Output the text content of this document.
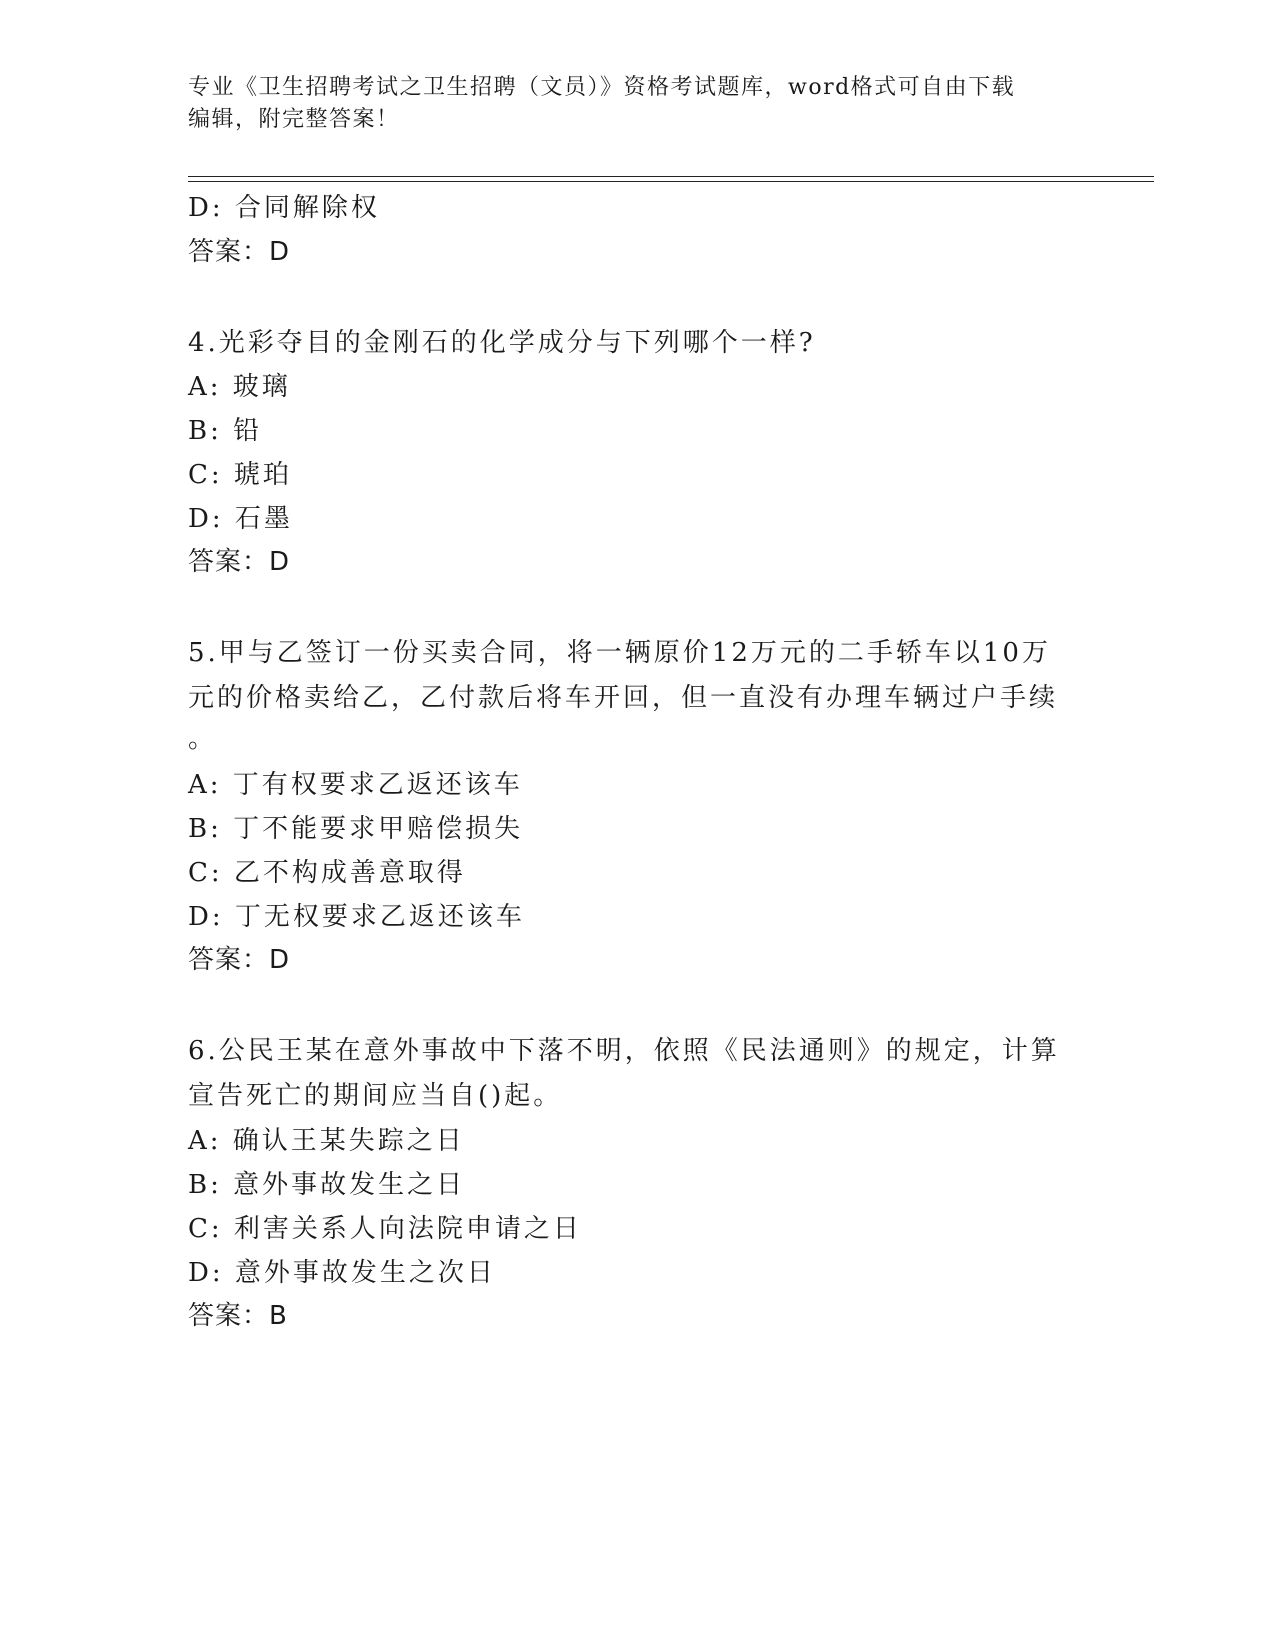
专业《卫生招聘考试之卫生招聘（文员）》资格考试题库，word格式可自由下载
编辑，附完整答案！
D: 合同解除权
答案：D
4.光彩夺目的金刚石的化学成分与下列哪个一样?
A: 玻璃
B: 铅
C: 琥珀
D: 石墨
答案：D
5.甲与乙签订一份买卖合同，将一辆原价12万元的二手轿车以10万
元的价格卖给乙，乙付款后将车开回，但一直没有办理车辆过户手续
。
A: 丁有权要求乙返还该车
B: 丁不能要求甲赔偿损失
C: 乙不构成善意取得
D: 丁无权要求乙返还该车
答案：D
6.公民王某在意外事故中下落不明，依照《民法通则》的规定，计算
宣告死亡的期间应当自()起。
A: 确认王某失踪之日
B: 意外事故发生之日
C: 利害关系人向法院申请之日
D: 意外事故发生之次日
答案：B
